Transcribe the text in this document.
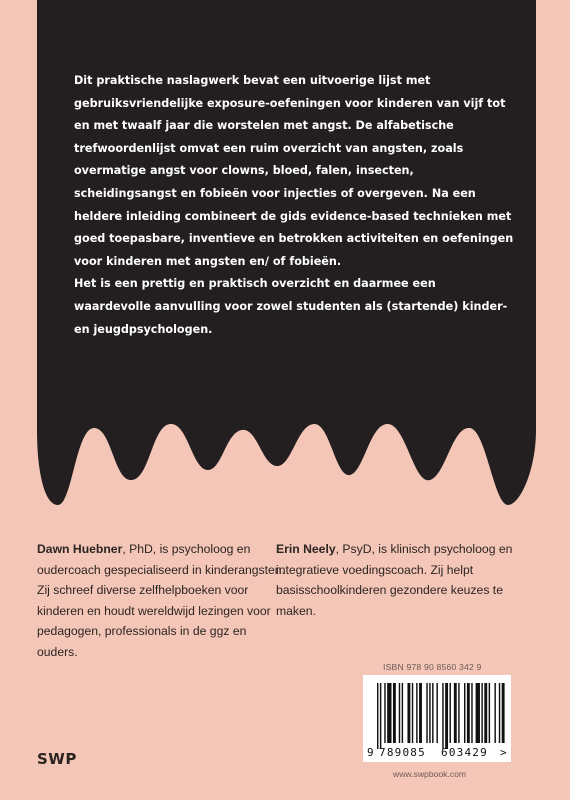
Dit praktische naslagwerk bevat een uitvoerige lijst met gebruiksvriendelijke exposure-oefeningen voor kinderen van vijf tot en met twaalf jaar die worstelen met angst. De alfabetische trefwoordenlijst omvat een ruim overzicht van angsten, zoals overmatige angst voor clowns, bloed, falen, insecten, scheidingsangst en fobieën voor injecties of overgeven. Na een heldere inleiding combineert de gids evidence-based technieken met goed toepasbare, inventieve en betrokken activiteiten en oefeningen voor kinderen met angsten en/ of fobieën.

Het is een prettig en praktisch overzicht en daarmee een waardevolle aanvulling voor zowel studenten als (startende) kinder- en jeugdpsychologen.

Dawn Huebner, PhD, is psycholoog en oudercoach gespecialiseerd in kinderangsten. Zij schreef diverse zelfhelpboeken voor kinderen en houdt wereldwijd lezingen voor pedagogen, professionals in de ggz en ouders.
Erin Neely, PsyD, is klinisch psycholoog en integratieve voedingscoach. Zij helpt basisschoolkinderen gezondere keuzes te maken.
ISBN 978 90 8560 342 9
9 789085 603429 >
SWP
www.swpbook.com
